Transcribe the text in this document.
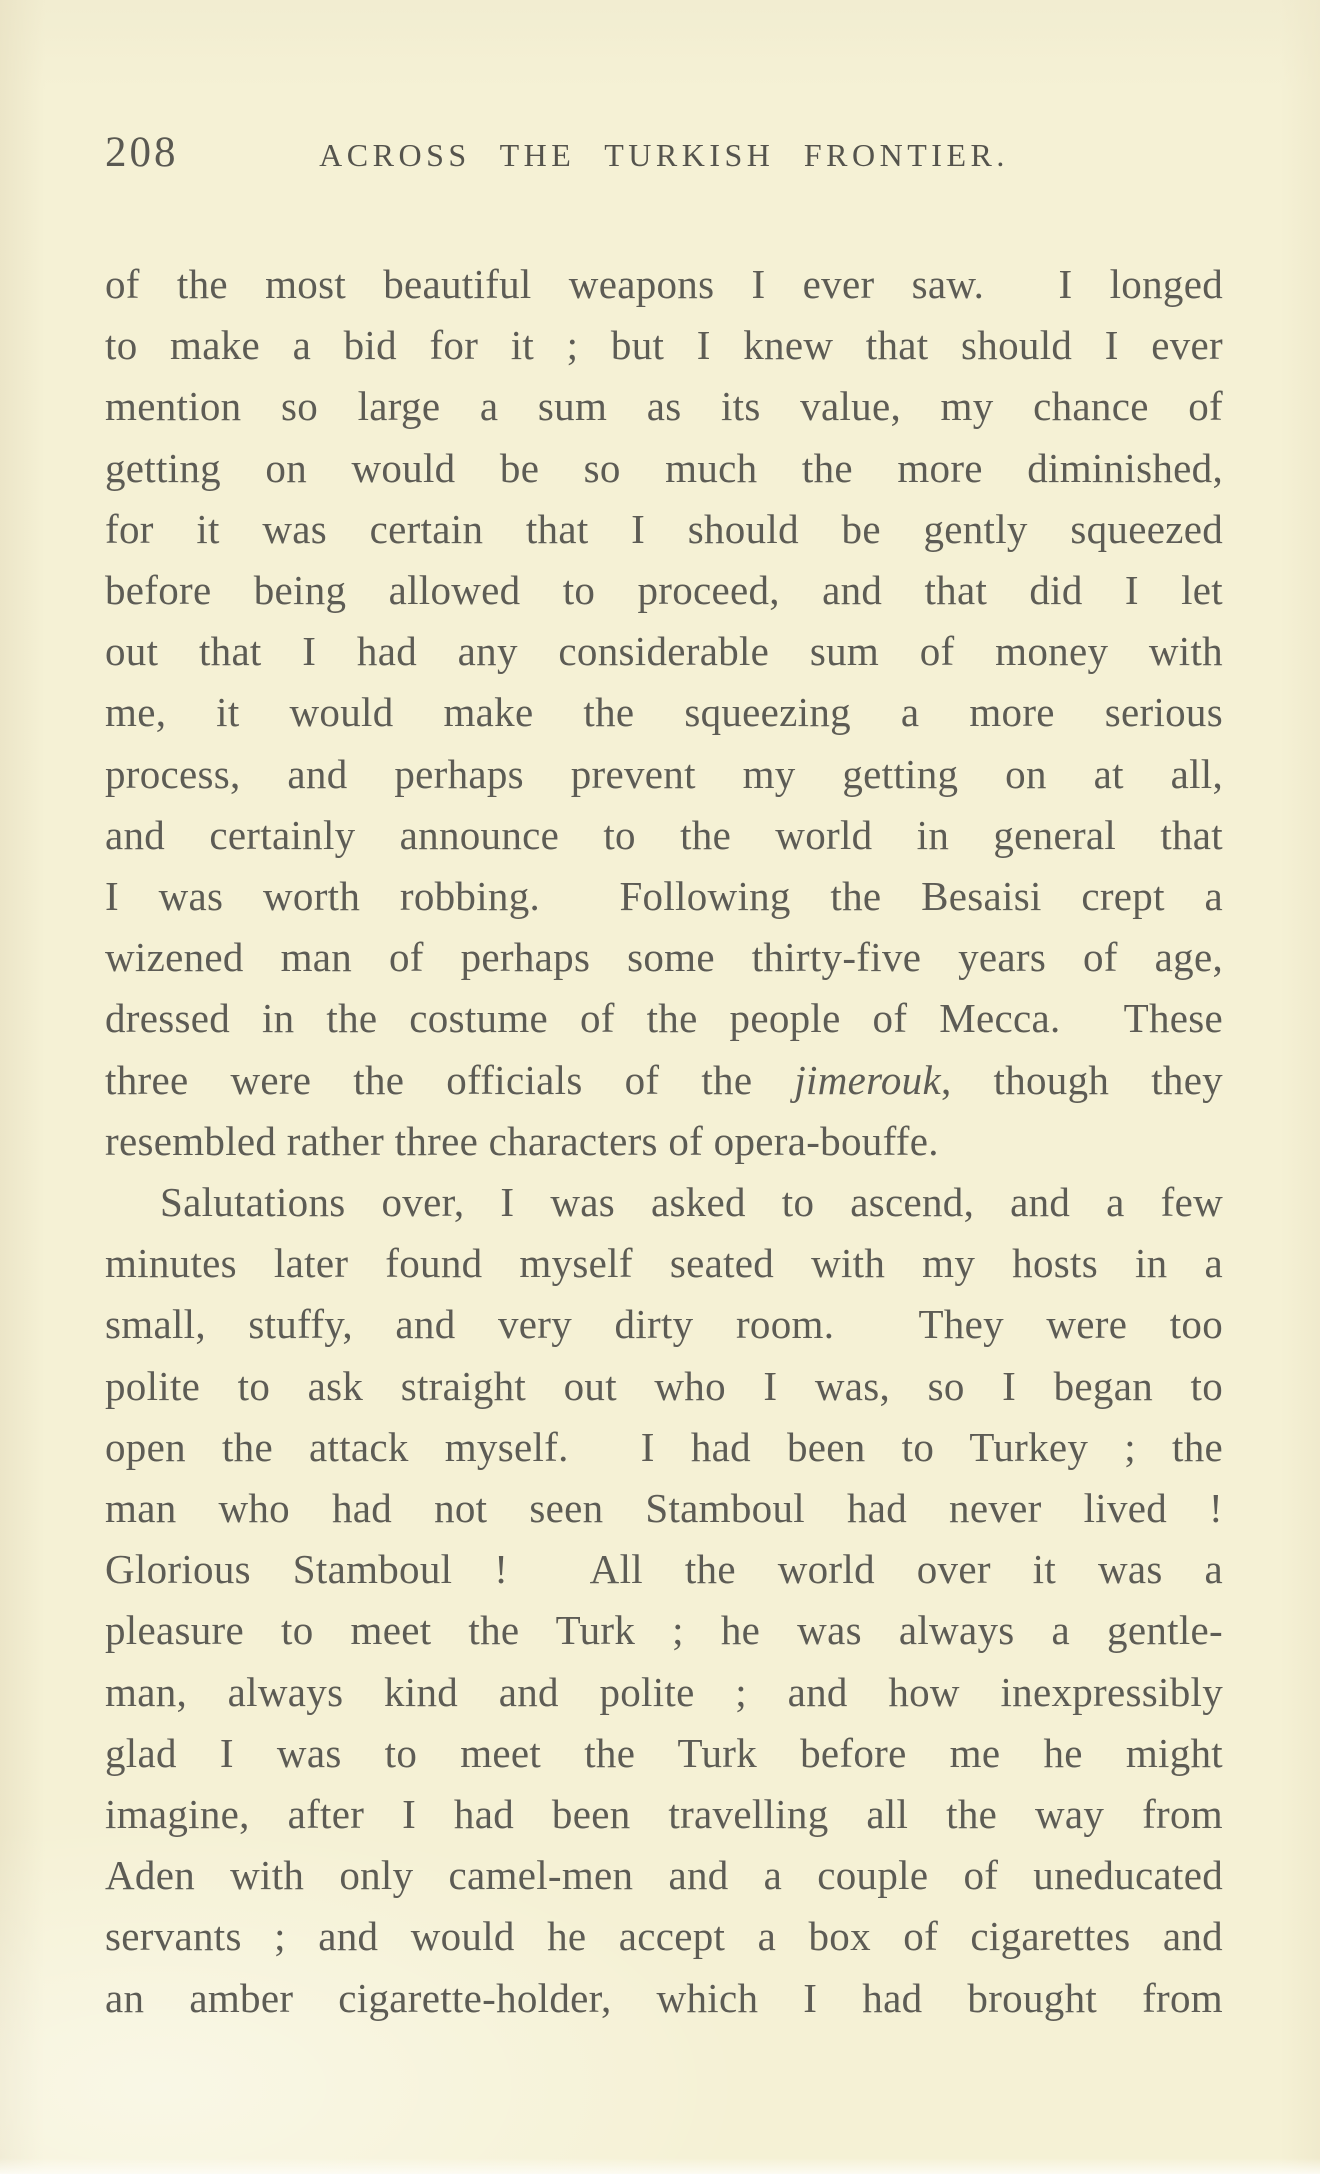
208	ACROSS THE TURKISH FRONTIER.
of the most beautiful weapons I ever saw.  I longed
to make a bid for it ; but I knew that should I ever
mention so large a sum as its value, my chance of
getting on would be so much the more diminished,
for it was certain that I should be gently squeezed
before being allowed to proceed, and that did I let
out that I had any considerable sum of money with
me, it would make the squeezing a more serious
process, and perhaps prevent my getting on at all,
and certainly announce to the world in general that
I was worth robbing.  Following the Besaisi crept a
wizened man of perhaps some thirty-five years of age,
dressed in the costume of the people of Mecca.  These
three were the officials of the jimerouk, though they
resembled rather three characters of opera-bouffe.
Salutations over, I was asked to ascend, and a few
minutes later found myself seated with my hosts in a
small, stuffy, and very dirty room.  They were too
polite to ask straight out who I was, so I began to
open the attack myself.  I had been to Turkey ; the
man who had not seen Stamboul had never lived !
Glorious Stamboul !  All the world over it was a
pleasure to meet the Turk ; he was always a gentle-
man, always kind and polite ; and how inexpressibly
glad I was to meet the Turk before me he might
imagine, after I had been travelling all the way from
Aden with only camel-men and a couple of uneducated
servants ; and would he accept a box of cigarettes and
an amber cigarette-holder, which I had brought from
